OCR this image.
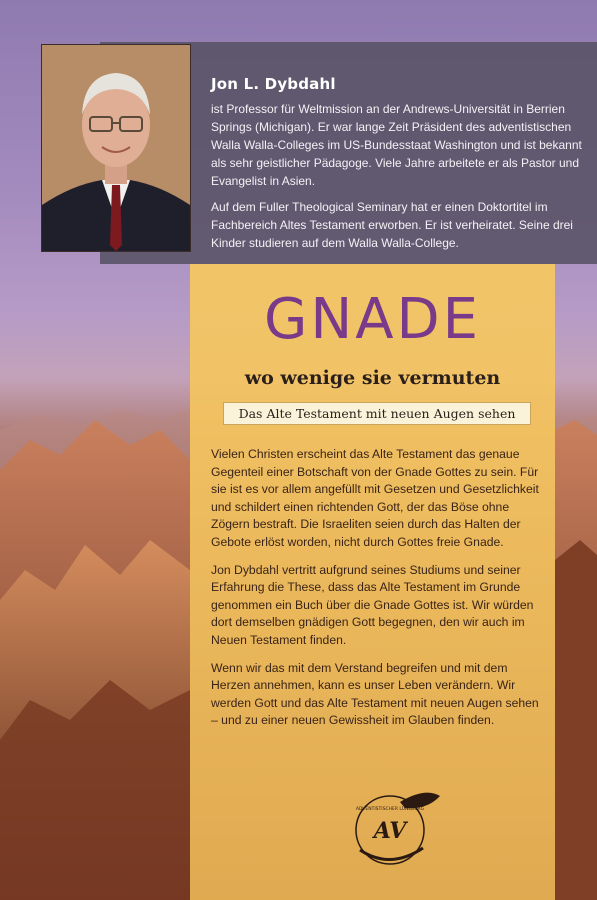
Jon L. Dybdahl

ist Professor für Weltmission an der Andrews-Universität in Berrien Springs (Michigan). Er war lange Zeit Präsident des adventistischen Walla Walla-Colleges im US-Bundesstaat Washington und ist bekannt als sehr geistlicher Pädagoge. Viele Jahre arbeitete er als Pastor und Evangelist in Asien.

Auf dem Fuller Theological Seminary hat er einen Doktortitel im Fachbereich Altes Testament erworben. Er ist verheiratet. Seine drei Kinder studieren auf dem Walla Walla-College.

GNADE
wo wenige sie vermuten
Das Alte Testament mit neuen Augen sehen

Vielen Christen erscheint das Alte Testament das genaue Gegenteil einer Botschaft von der Gnade Gottes zu sein. Für sie ist es vor allem angefüllt mit Gesetzen und Gesetzlichkeit und schildert einen richtenden Gott, der das Böse ohne Zögern bestraft. Die Israeliten seien durch das Halten der Gebote erlöst worden, nicht durch Gottes freie Gnade.

Jon Dybdahl vertritt aufgrund seines Studiums und seiner Erfahrung die These, dass das Alte Testament im Grunde genommen ein Buch über die Gnade Gottes ist. Wir würden dort demselben gnädigen Gott begegnen, den wir auch im Neuen Testament finden.

Wenn wir das mit dem Verstand begreifen und mit dem Herzen annehmen, kann es unser Leben verändern. Wir werden Gott und das Alte Testament mit neuen Augen sehen – und zu einer neuen Gewissheit im Glauben finden.

AV
ADVENTISTISCHER LÜNEBURG
